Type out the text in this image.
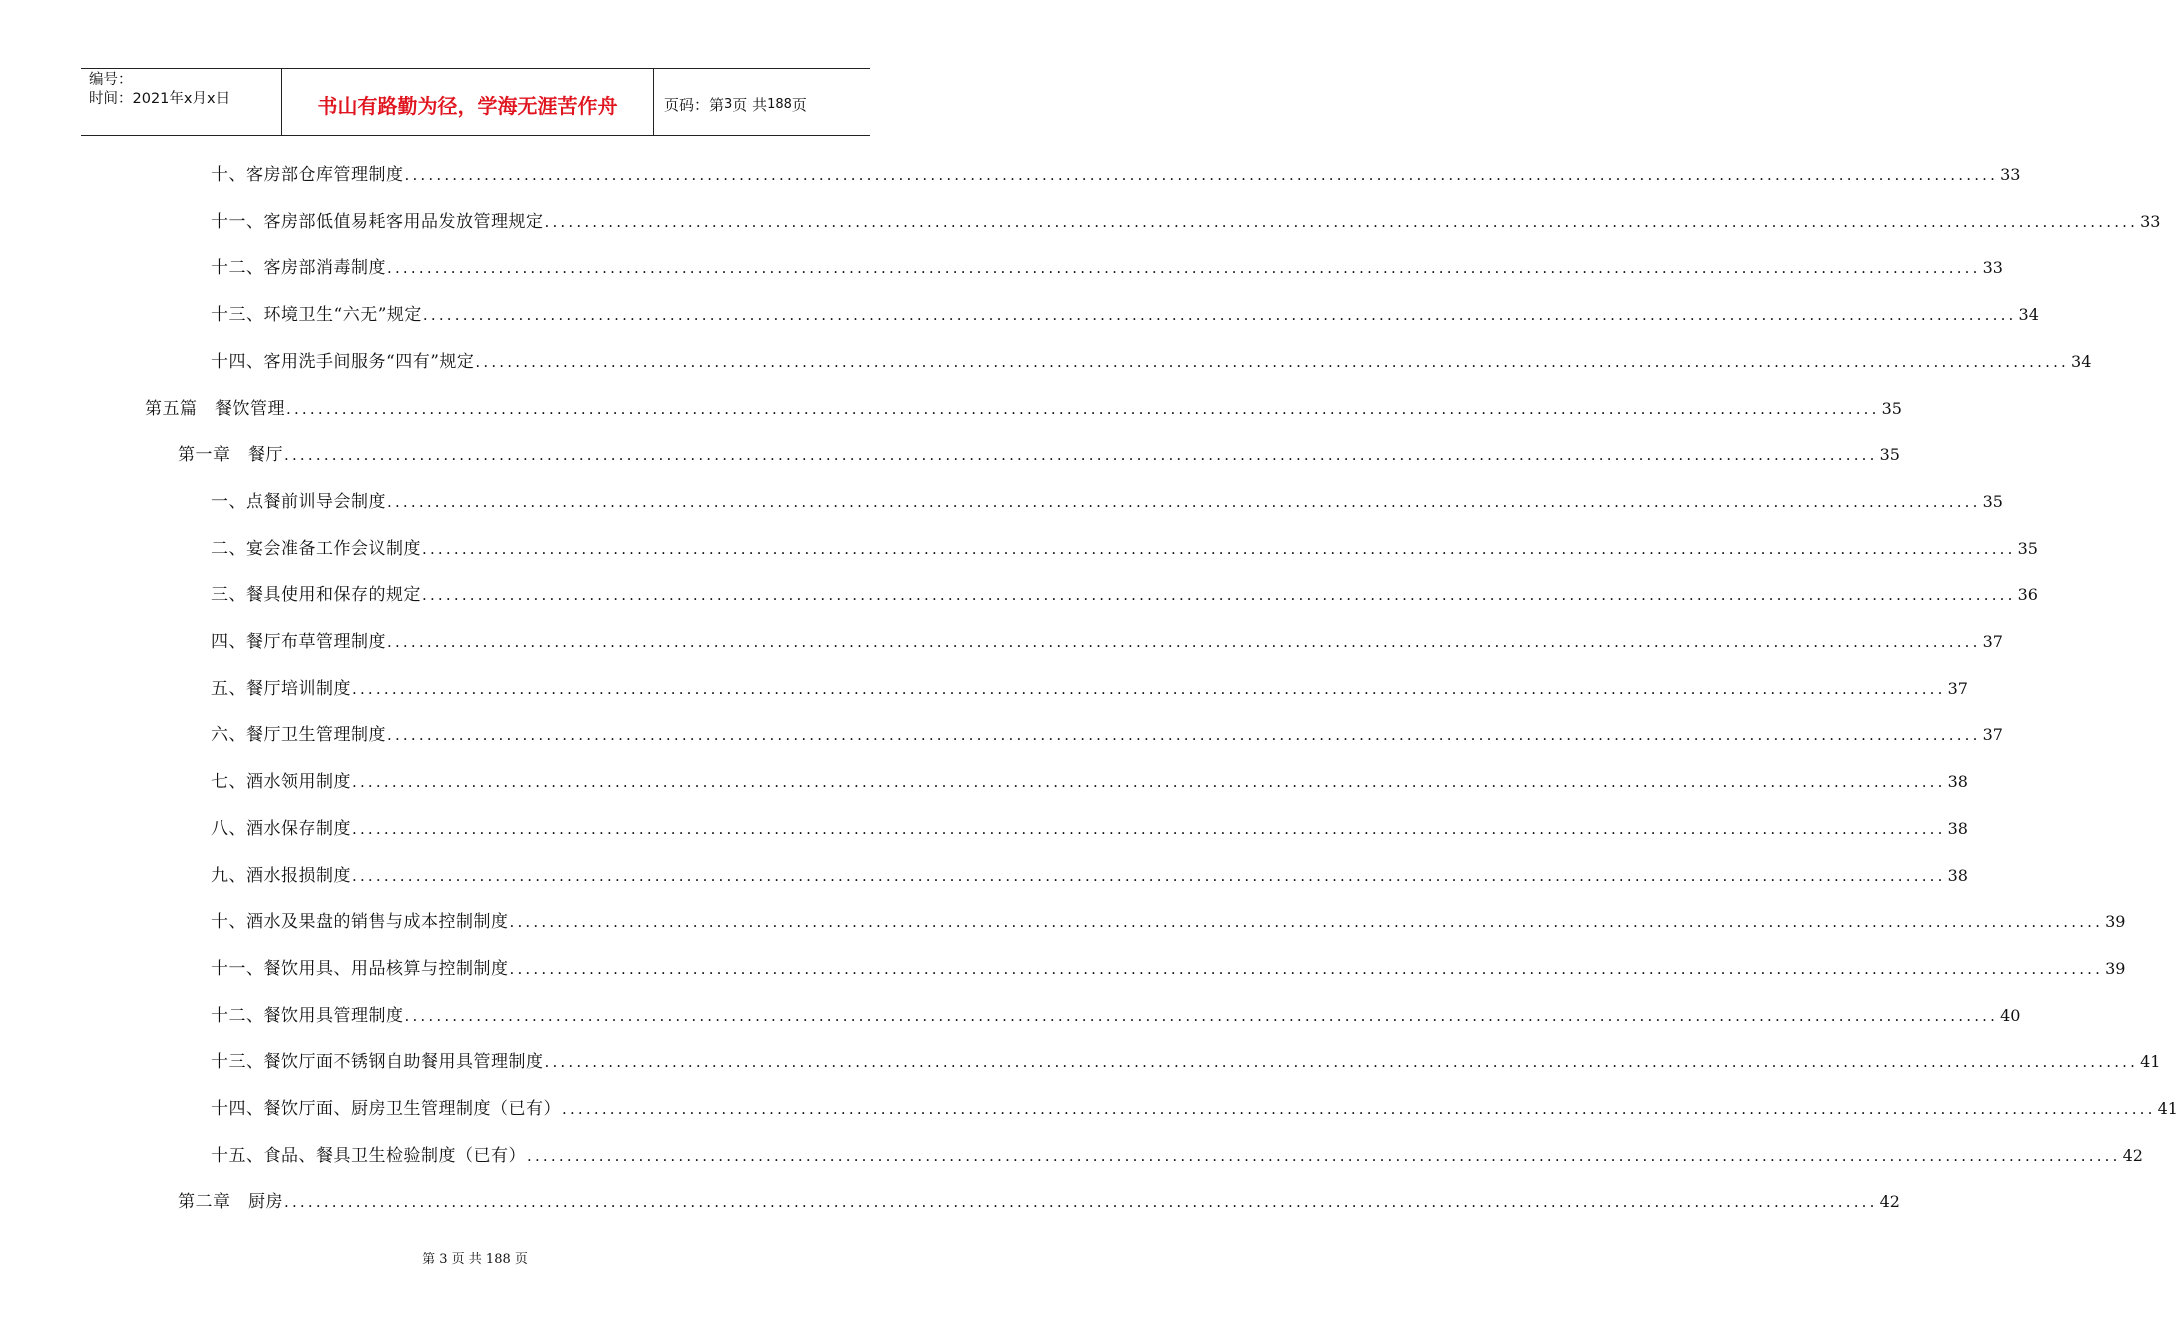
编号：
时间：2021年x月x日	书山有路勤为径，学海无涯苦作舟	页码：第 3 页 共 188 页
十、客房部仓库管理制度 ........................................................................................................................................................................................................ 33
十一、客房部低值易耗客用品发放管理规定 ........................................................................................................................................................................................................ 33
十二、客房部消毒制度 ........................................................................................................................................................................................................ 33
十三、环境卫生“六无”规定 ........................................................................................................................................................................................................ 34
十四、客用洗手间服务“四有”规定 ........................................................................................................................................................................................................ 34
第五篇　餐饮管理 ........................................................................................................................................................................................................ 35
第一章　餐厅 ........................................................................................................................................................................................................ 35
一、点餐前训导会制度 ........................................................................................................................................................................................................ 35
二、宴会准备工作会议制度 ........................................................................................................................................................................................................ 35
三、餐具使用和保存的规定 ........................................................................................................................................................................................................ 36
四、餐厅布草管理制度 ........................................................................................................................................................................................................ 37
五、餐厅培训制度 ........................................................................................................................................................................................................ 37
六、餐厅卫生管理制度 ........................................................................................................................................................................................................ 37
七、酒水领用制度 ........................................................................................................................................................................................................ 38
八、酒水保存制度 ........................................................................................................................................................................................................ 38
九、酒水报损制度 ........................................................................................................................................................................................................ 38
十、酒水及果盘的销售与成本控制制度 ........................................................................................................................................................................................................ 39
十一、餐饮用具、用品核算与控制制度 ........................................................................................................................................................................................................ 39
十二、餐饮用具管理制度 ........................................................................................................................................................................................................ 40
十三、餐饮厅面不锈钢自助餐用具管理制度 ........................................................................................................................................................................................................ 41
十四、餐饮厅面、厨房卫生管理制度（已有） ........................................................................................................................................................................................................ 41
十五、食品、餐具卫生检验制度（已有） ........................................................................................................................................................................................................ 42
第二章　厨房 ........................................................................................................................................................................................................ 42
第 3 页 共 188 页
